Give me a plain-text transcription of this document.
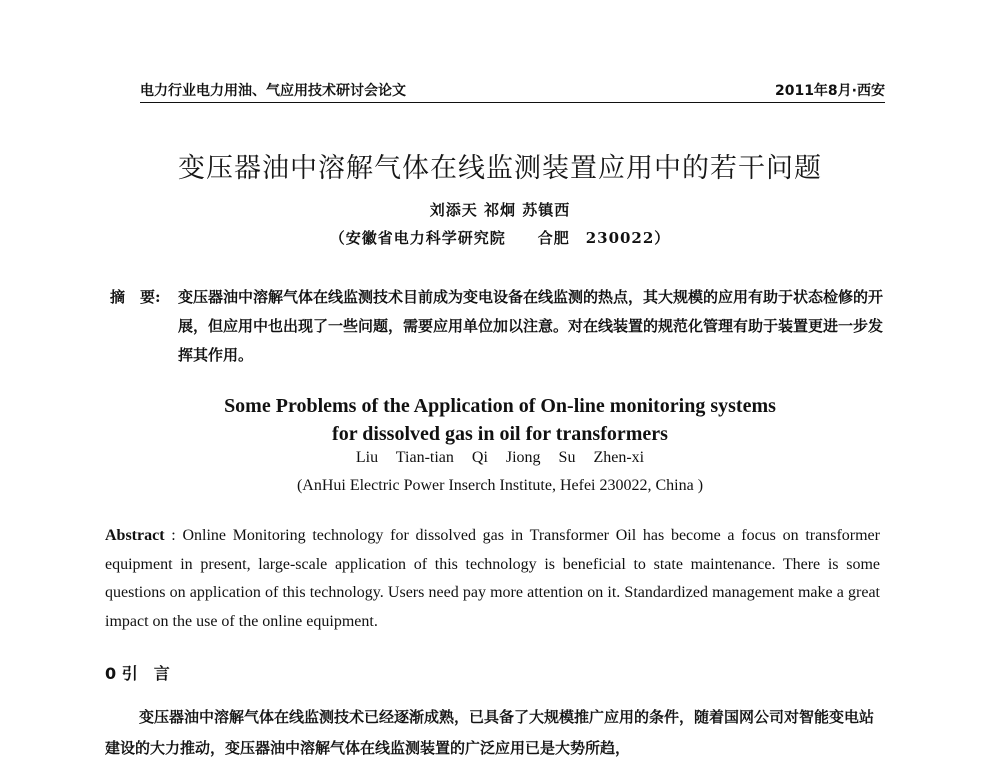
电力行业电力用油、气应用技术研讨会论文	2011年8月·西安
变压器油中溶解气体在线监测装置应用中的若干问题
刘添天 祁炯 苏镇西
（安徽省电力科学研究院　　合肥　230022）
摘　要: 变压器油中溶解气体在线监测技术目前成为变电设备在线监测的热点，其大规模的应用有助于状态检修的开展，但应用中也出现了一些问题，需要应用单位加以注意。对在线装置的规范化管理有助于装置更进一步发挥其作用。
Some Problems of the Application of On-line monitoring systems
for dissolved gas in oil for transformers
Liu Tian-tian Qi Jiong Su Zhen-xi
(AnHui Electric Power Inserch Institute, Hefei 230022, China )
Abstract : Online Monitoring technology for dissolved gas in Transformer Oil has become a focus on transformer equipment in present, large-scale application of this technology is beneficial to state maintenance. There is some questions on application of this technology. Users need pay more attention on it. Standardized management make a great impact on the use of the online equipment.
0 引　言
变压器油中溶解气体在线监测技术已经逐渐成熟，已具备了大规模推广应用的条件，随着国网公司对智能变电站建设的大力推动，变压器油中溶解气体在线监测装置的广泛应用已是大势所趋，
